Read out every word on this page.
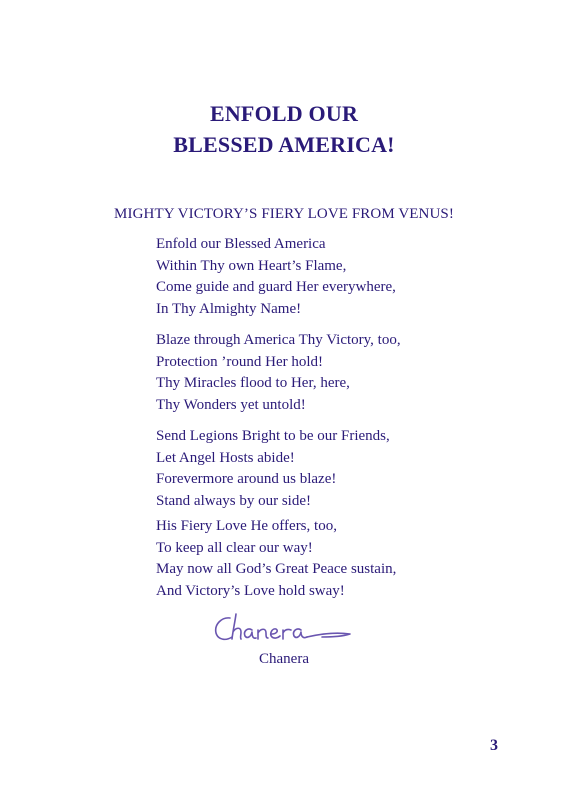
ENFOLD OUR
BLESSED AMERICA!
MIGHTY VICTORY’S FIERY LOVE FROM VENUS!
Enfold our Blessed America
Within Thy own Heart’s Flame,
Come guide and guard Her everywhere,
In Thy Almighty Name!
Blaze through America Thy Victory, too,
Protection ’round Her hold!
Thy Miracles flood to Her, here,
Thy Wonders yet untold!
Send Legions Bright to be our Friends,
Let Angel Hosts abide!
Forevermore around us blaze!
Stand always by our side!
His Fiery Love He offers, too,
To keep all clear our way!
May now all God’s Great Peace sustain,
And Victory’s Love hold sway!
Chanera
3
